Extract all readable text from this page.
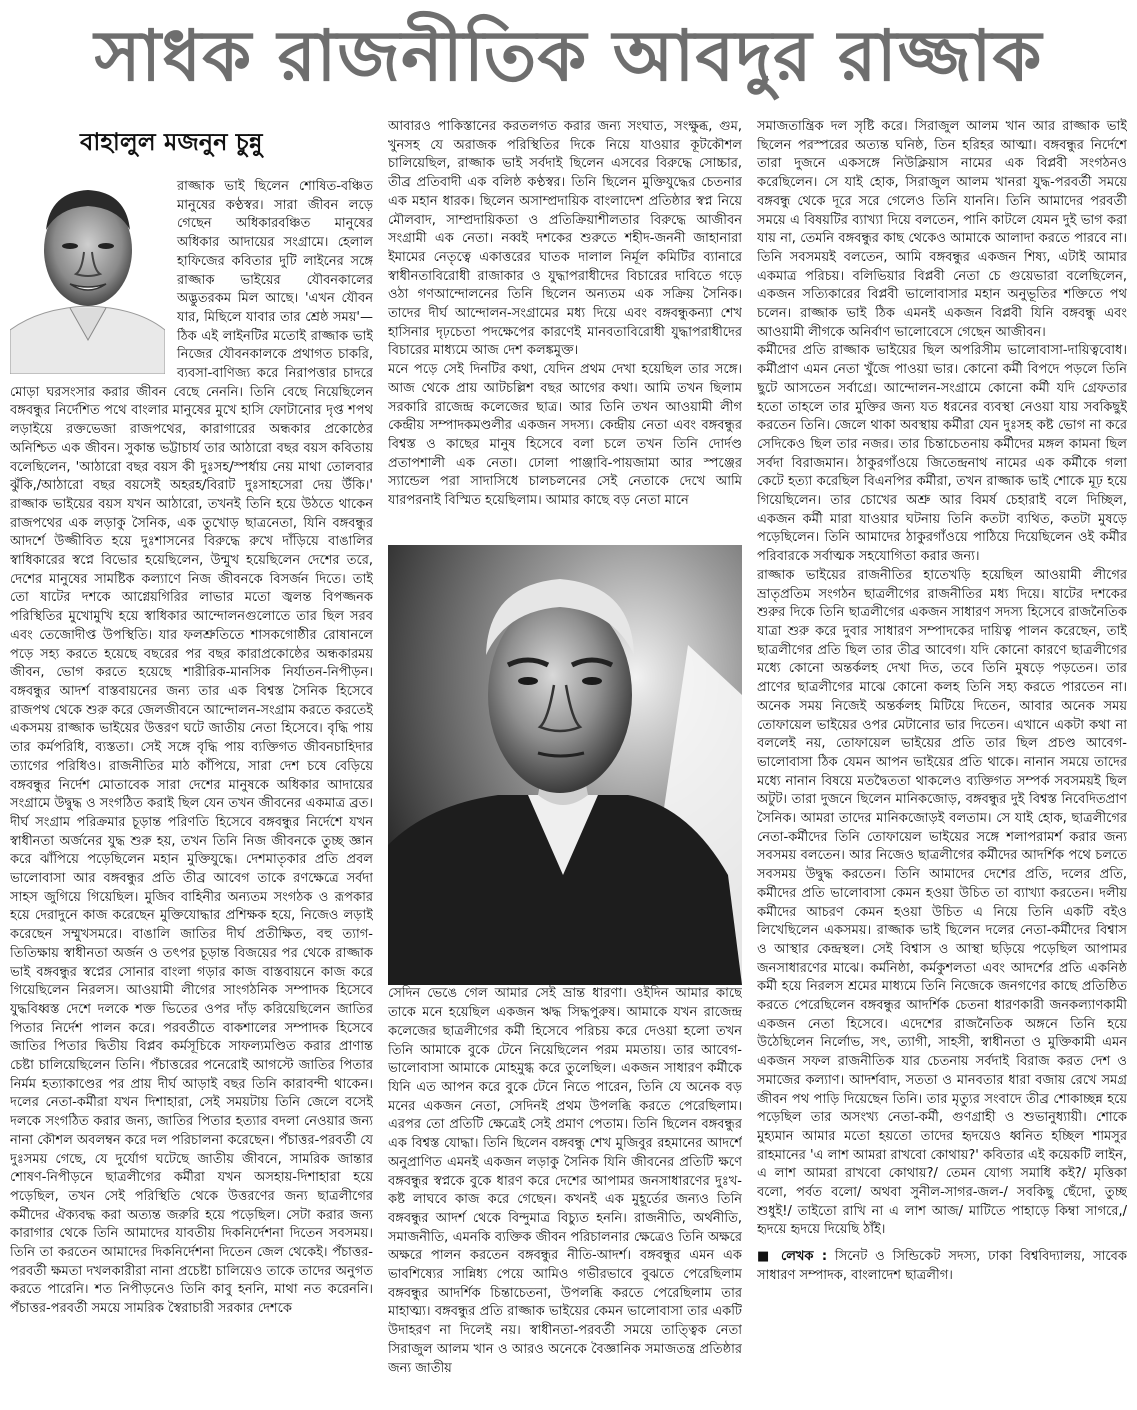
সাধক রাজনীতিক আবদুর রাজ্জাক
বাহালুল মজনুন চুন্নু

রাজ্জাক ভাই ছিলেন শোষিত-বঞ্চিত মানুষের কণ্ঠস্বর। সারা জীবন লড়ে গেছেন অধিকারবঞ্চিত মানুষের অধিকার আদায়ের সংগ্রামে। হেলাল হাফিজের কবিতার দুটি লাইনের সঙ্গে রাজ্জাক ভাইয়ের যৌবনকালের অদ্ভুতরকম মিল আছে। 'এখন যৌবন যার, মিছিলে যাবার তার শ্রেষ্ঠ সময়'— ঠিক এই লাইনটির মতোই রাজ্জাক ভাই নিজের যৌবনকালকে প্রথাগত চাকরি, ব্যবসা-বাণিজ্য করে নিরাপত্তার চাদরে মোড়া ঘরসংসার করার জীবন বেছে নেননি। তিনি বেছে নিয়েছিলেন বঙ্গবন্ধুর নির্দেশিত পথে বাংলার মানুষের মুখে হাসি ফোটানোর দৃপ্ত শপথ লড়াইয়ে রক্তভেজা রাজপথের, কারাগারের অন্ধকার প্রকোষ্ঠের অনিশ্চিত এক জীবন। সুকান্ত ভট্টাচার্য তার আঠারো বছর বয়স কবিতায় বলেছিলেন, 'আঠারো বছর বয়স কী দুঃসহ/স্পর্ধায় নেয় মাথা তোলবার ঝুঁকি,/আঠারো বছর বয়সেই অহরহ/বিরাট দুঃসাহসেরা দেয় উঁকি।' রাজ্জাক ভাইয়ের বয়স যখন আঠারো, তখনই তিনি হয়ে উঠতে থাকেন রাজপথের এক লড়াকু সৈনিক, এক তুখোড় ছাত্রনেতা, যিনি বঙ্গবন্ধুর আদর্শে উজ্জীবিত হয়ে দুঃশাসনের বিরুদ্ধে রুখে দাঁড়িয়ে বাঙালির স্বাধিকারের স্বপ্নে বিভোর হয়েছিলেন, উন্মুখ হয়েছিলেন দেশের তরে, দেশের মানুষের সামষ্টিক কল্যাণে নিজ জীবনকে বিসর্জন দিতে। তাই তো ষাটের দশকে আগ্নেয়গিরির লাভার মতো জ্বলন্ত বিপজ্জনক পরিস্থিতির মুখোমুখি হয়ে স্বাধিকার আন্দোলনগুলোতে তার ছিল সরব এবং তেজোদীপ্ত উপস্থিতি। যার ফলশ্রুতিতে শাসকগোষ্ঠীর রোষানলে পড়ে সহ্য করতে হয়েছে বছরের পর বছর কারাপ্রকোষ্ঠের অন্ধকারময় জীবন, ভোগ করতে হয়েছে শারীরিক-মানসিক নির্যাতন-নিপীড়ন। বঙ্গবন্ধুর আদর্শ বাস্তবায়নের জন্য তার এক বিশ্বস্ত সৈনিক হিসেবে রাজপথ থেকে শুরু করে জেলজীবনে আন্দোলন-সংগ্রাম করতে করতেই একসময় রাজ্জাক ভাইয়ের উত্তরণ ঘটে জাতীয় নেতা হিসেবে। বৃদ্ধি পায় তার কর্মপরিধি, ব্যস্ততা। সেই সঙ্গে বৃদ্ধি পায় ব্যক্তিগত জীবনচাহিদার ত্যাগের পরিধিও। রাজনীতির মাঠ কাঁপিয়ে, সারা দেশ চষে বেড়িয়ে বঙ্গবন্ধুর নির্দেশ মোতাবেক সারা দেশের মানুষকে অধিকার আদায়ের সংগ্রামে উদ্বুদ্ধ ও সংগঠিত করাই ছিল যেন তখন জীবনের একমাত্র ব্রত। দীর্ঘ সংগ্রাম পরিক্রমার চূড়ান্ত পরিণতি হিসেবে বঙ্গবন্ধুর নির্দেশে যখন স্বাধীনতা অর্জনের যুদ্ধ শুরু হয়, তখন তিনি নিজ জীবনকে তুচ্ছ জ্ঞান করে ঝাঁপিয়ে পড়েছিলেন মহান মুক্তিযুদ্ধে। দেশমাতৃকার প্রতি প্রবল ভালোবাসা আর বঙ্গবন্ধুর প্রতি তীব্র আবেগ তাকে রণক্ষেত্রে সর্বদা সাহস জুগিয়ে গিয়েছিল। মুজিব বাহিনীর অন্যতম সংগঠক ও রূপকার হয়ে দেরাদুনে কাজ করেছেন মুক্তিযোদ্ধার প্রশিক্ষক হয়ে, নিজেও লড়াই করেছেন সম্মুখসমরে। বাঙালি জাতির দীর্ঘ প্রতীক্ষিত, বহু ত্যাগ-তিতিক্ষায় স্বাধীনতা অর্জন ও তৎপর চূড়ান্ত বিজয়ের পর থেকে রাজ্জাক ভাই বঙ্গবন্ধুর স্বপ্নের সোনার বাংলা গড়ার কাজ বাস্তবায়নে কাজ করে গিয়েছিলেন নিরলস। আওয়ামী লীগের সাংগঠনিক সম্পাদক হিসেবে যুদ্ধবিধ্বস্ত দেশে দলকে শক্ত ভিতের ওপর দাঁড় করিয়েছিলেন জাতির পিতার নির্দেশ পালন করে। পরবর্তীতে বাকশালের সম্পাদক হিসেবে জাতির পিতার দ্বিতীয় বিপ্লব কর্মসূচিকে সাফল্যমণ্ডিত করার প্রাণান্ত চেষ্টা চালিয়েছিলেন তিনি। পঁচাত্তরের পনেরোই আগস্টে জাতির পিতার নির্মম হত্যাকাণ্ডের পর প্রায় দীর্ঘ আড়াই বছর তিনি কারাবন্দী থাকেন। দলের নেতা-কর্মীরা যখন দিশাহারা, সেই সময়টায় তিনি জেলে বসেই দলকে সংগঠিত করার জন্য, জাতির পিতার হত্যার বদলা নেওয়ার জন্য নানা কৌশল অবলম্বন করে দল পরিচালনা করেছেন। পঁচাত্তর-পরবর্তী যে দুঃসময় গেছে, যে দুর্যোগ ঘটেছে জাতীয় জীবনে, সামরিক জান্তার শোষণ-নিপীড়নে ছাত্রলীগের কর্মীরা যখন অসহায়-দিশাহারা হয়ে পড়েছিল, তখন সেই পরিস্থিতি থেকে উত্তরণের জন্য ছাত্রলীগের কর্মীদের ঐক্যবদ্ধ করা অত্যন্ত জরুরি হয়ে পড়েছিল। সেটা করার জন্য কারাগার থেকে তিনি আমাদের যাবতীয় দিকনির্দেশনা দিতেন সবসময়। তিনি তা করতেন আমাদের দিকনির্দেশনা দিতেন জেল থেকেই। পঁচাত্তর-পরবর্তী ক্ষমতা দখলকারীরা নানা প্রচেষ্টা চালিয়েও তাকে তাদের অনুগত করতে পারেনি। শত নিপীড়নেও তিনি কাবু হননি, মাথা নত করেননি। পঁচাত্তর-পরবর্তী সময়ে সামরিক স্বৈরাচারী সরকার দেশকে

আবারও পাকিস্তানের করতলগত করার জন্য সংঘাত, সংক্ষুব্ধ, গুম, খুনসহ যে অরাজক পরিস্থিতির দিকে নিয়ে যাওয়ার কূটকৌশল চালিয়েছিল, রাজ্জাক ভাই সর্বদাই ছিলেন এসবের বিরুদ্ধে সোচ্চার, তীব্র প্রতিবাদী এক বলিষ্ঠ কণ্ঠস্বর। তিনি ছিলেন মুক্তিযুদ্ধের চেতনার এক মহান ধারক। ছিলেন অসাম্প্রদায়িক বাংলাদেশ প্রতিষ্ঠার স্বপ্ন নিয়ে মৌলবাদ, সাম্প্রদায়িকতা ও প্রতিক্রিয়াশীলতার বিরুদ্ধে আজীবন সংগ্রামী এক নেতা। নব্বই দশকের শুরুতে শহীদ-জননী জাহানারা ইমামের নেতৃত্বে একাত্তরের ঘাতক দালাল নির্মূল কমিটির ব্যানারে স্বাধীনতাবিরোধী রাজাকার ও যুদ্ধাপরাধীদের বিচারের দাবিতে গড়ে ওঠা গণআন্দোলনের তিনি ছিলেন অন্যতম এক সক্রিয় সৈনিক। তাদের দীর্ঘ আন্দোলন-সংগ্রামের মধ্য দিয়ে এবং বঙ্গবন্ধুকন্যা শেখ হাসিনার দৃঢ়চেতা পদক্ষেপের কারণেই মানবতাবিরোধী যুদ্ধাপরাধীদের বিচারের মাধ্যমে আজ দেশ কলঙ্কমুক্ত।

মনে পড়ে সেই দিনটির কথা, যেদিন প্রথম দেখা হয়েছিল তার সঙ্গে। আজ থেকে প্রায় আটচল্লিশ বছর আগের কথা। আমি তখন ছিলাম সরকারি রাজেন্দ্র কলেজের ছাত্র। আর তিনি তখন আওয়ামী লীগ কেন্দ্রীয় সম্পাদকমণ্ডলীর একজন সদস্য। কেন্দ্রীয় নেতা এবং বঙ্গবন্ধুর বিশ্বস্ত ও কাছের মানুষ হিসেবে বলা চলে তখন তিনি দোর্দণ্ড প্রতাপশালী এক নেতা। ঢোলা পাঞ্জাবি-পায়জামা আর স্পঞ্জের স্যান্ডেল পরা সাদাসিধে চালচলনের সেই নেতাকে দেখে আমি যারপরনাই বিস্মিত হয়েছিলাম। আমার কাছে বড় নেতা মানে

সেদিন ভেঙে গেল আমার সেই ভ্রান্ত ধারণা। ওইদিন আমার কাছে তাকে মনে হয়েছিল একজন ঋদ্ধ সিদ্ধপুরুষ। আমাকে যখন রাজেন্দ্র কলেজের ছাত্রলীগের কর্মী হিসেবে পরিচয় করে দেওয়া হলো তখন তিনি আমাকে বুকে টেনে নিয়েছিলেন পরম মমতায়। তার আবেগ-ভালোবাসা আমাকে মোহমুগ্ধ করে তুলেছিল। একজন সাধারণ কর্মীকে যিনি এত আপন করে বুকে টেনে নিতে পারেন, তিনি যে অনেক বড় মনের একজন নেতা, সেদিনই প্রথম উপলব্ধি করতে পেরেছিলাম। এরপর তো প্রতিটি ক্ষেত্রেই সেই প্রমাণ পেতাম। তিনি ছিলেন বঙ্গবন্ধুর এক বিশ্বস্ত যোদ্ধা। তিনি ছিলেন বঙ্গবন্ধু শেখ মুজিবুর রহমানের আদর্শে অনুপ্রাণিত এমনই একজন লড়াকু সৈনিক যিনি জীবনের প্রতিটি ক্ষণে বঙ্গবন্ধুর স্বপ্নকে বুকে ধারণ করে দেশের আপামর জনসাধারণের দুঃখ-কষ্ট লাঘবে কাজ করে গেছেন। কখনই এক মুহূর্তের জন্যও তিনি বঙ্গবন্ধুর আদর্শ থেকে বিন্দুমাত্র বিচ্যুত হননি। রাজনীতি, অর্থনীতি, সমাজনীতি, এমনকি ব্যক্তিক জীবন পরিচালনার ক্ষেত্রেও তিনি অক্ষরে অক্ষরে পালন করতেন বঙ্গবন্ধুর নীতি-আদর্শ। বঙ্গবন্ধুর এমন এক ভাবশিষ্যের সান্নিধ্য পেয়ে আমিও গভীরভাবে বুঝতে পেরেছিলাম বঙ্গবন্ধুর আদর্শিক চিন্তাচেতনা, উপলব্ধি করতে পেরেছিলাম তার মাহাত্ম্য। বঙ্গবন্ধুর প্রতি রাজ্জাক ভাইয়ের কেমন ভালোবাসা তার একটি উদাহরণ না দিলেই নয়। স্বাধীনতা-পরবর্তী সময়ে তাত্ত্বিক নেতা সিরাজুল আলম খান ও আরও অনেকে বৈজ্ঞানিক সমাজতন্ত্র প্রতিষ্ঠার জন্য জাতীয়

সমাজতান্ত্রিক দল সৃষ্টি করে। সিরাজুল আলম খান আর রাজ্জাক ভাই ছিলেন পরস্পরের অত্যন্ত ঘনিষ্ঠ, তিন হরিহর আত্মা। বঙ্গবন্ধুর নির্দেশে তারা দুজনে একসঙ্গে নিউক্লিয়াস নামের এক বিপ্লবী সংগঠনও করেছিলেন। সে যাই হোক, সিরাজুল আলম খানরা যুদ্ধ-পরবর্তী সময়ে বঙ্গবন্ধু থেকে দূরে সরে গেলেও তিনি যাননি। তিনি আমাদের পরবর্তী সময়ে এ বিষয়টির ব্যাখ্যা দিয়ে বলতেন, পানি কাটলে যেমন দুই ভাগ করা যায় না, তেমনি বঙ্গবন্ধুর কাছ থেকেও আমাকে আলাদা করতে পারবে না। তিনি সবসময়ই বলতেন, আমি বঙ্গবন্ধুর একজন শিষ্য, এটাই আমার একমাত্র পরিচয়। বলিভিয়ার বিপ্লবী নেতা চে গুয়েভারা বলেছিলেন, একজন সত্যিকারের বিপ্লবী ভালোবাসার মহান অনুভূতির শক্তিতে পথ চলেন। রাজ্জাক ভাই ঠিক এমনই একজন বিপ্লবী যিনি বঙ্গবন্ধু এবং আওয়ামী লীগকে অনির্বাণ ভালোবেসে গেছেন আজীবন।

কর্মীদের প্রতি রাজ্জাক ভাইয়ের ছিল অপরিসীম ভালোবাসা-দায়িত্ববোধ। কর্মীপ্রাণ এমন নেতা খুঁজে পাওয়া ভার। কোনো কর্মী বিপদে পড়লে তিনি ছুটে আসতেন সর্বাগ্রে। আন্দোলন-সংগ্রামে কোনো কর্মী যদি গ্রেফতার হতো তাহলে তার মুক্তির জন্য যত ধরনের ব্যবস্থা নেওয়া যায় সবকিছুই করতেন তিনি। জেলে থাকা অবস্থায় কর্মীরা যেন দুঃসহ কষ্ট ভোগ না করে সেদিকেও ছিল তার নজর। তার চিন্তাচেতনায় কর্মীদের মঙ্গল কামনা ছিল সর্বদা বিরাজমান। ঠাকুরগাঁওয়ে জিতেন্দ্রনাথ নামের এক কর্মীকে গলা কেটে হত্যা করেছিল বিএনপির কর্মীরা, তখন রাজ্জাক ভাই শোকে মূঢ় হয়ে গিয়েছিলেন। তার চোখের অশ্রু আর বিমর্ষ চেহারাই বলে দিচ্ছিল, একজন কর্মী মারা যাওয়ার ঘটনায় তিনি কতটা ব্যথিত, কতটা মুষড়ে পড়েছিলেন। তিনি আমাদের ঠাকুরগাঁওয়ে পাঠিয়ে দিয়েছিলেন ওই কর্মীর পরিবারকে সর্বাত্মক সহযোগিতা করার জন্য।

রাজ্জাক ভাইয়ের রাজনীতির হাতেখড়ি হয়েছিল আওয়ামী লীগের ভ্রাতৃপ্রতিম সংগঠন ছাত্রলীগের রাজনীতির মধ্য দিয়ে। ষাটের দশকের শুরুর দিকে তিনি ছাত্রলীগের একজন সাধারণ সদস্য হিসেবে রাজনৈতিক যাত্রা শুরু করে দুবার সাধারণ সম্পাদকের দায়িত্ব পালন করেছেন, তাই ছাত্রলীগের প্রতি ছিল তার তীব্র আবেগ। যদি কোনো কারণে ছাত্রলীগের মধ্যে কোনো অন্তর্কলহ দেখা দিত, তবে তিনি মুষড়ে পড়তেন। তার প্রাণের ছাত্রলীগের মাঝে কোনো কলহ তিনি সহ্য করতে পারতেন না। অনেক সময় নিজেই অন্তর্কলহ মিটিয়ে দিতেন, আবার অনেক সময় তোফায়েল ভাইয়ের ওপর মেটানোর ভার দিতেন। এখানে একটা কথা না বললেই নয়, তোফায়েল ভাইয়ের প্রতি তার ছিল প্রচণ্ড আবেগ-ভালোবাসা ঠিক যেমন আপন ভাইয়ের প্রতি থাকে। নানান সময়ে তাদের মধ্যে নানান বিষয়ে মতদ্বৈততা থাকলেও ব্যক্তিগত সম্পর্ক সবসময়ই ছিল অটুট। তারা দুজনে ছিলেন মানিকজোড়, বঙ্গবন্ধুর দুই বিশ্বস্ত নিবেদিতপ্রাণ সৈনিক। আমরা তাদের মানিকজোড়ই বলতাম। সে যাই হোক, ছাত্রলীগের নেতা-কর্মীদের তিনি তোফায়েল ভাইয়ের সঙ্গে শলাপরামর্শ করার জন্য সবসময় বলতেন। আর নিজেও ছাত্রলীগের কর্মীদের আদর্শিক পথে চলতে সবসময় উদ্বুদ্ধ করতেন। তিনি আমাদের দেশের প্রতি, দলের প্রতি, কর্মীদের প্রতি ভালোবাসা কেমন হওয়া উচিত তা ব্যাখ্যা করতেন। দলীয় কর্মীদের আচরণ কেমন হওয়া উচিত এ নিয়ে তিনি একটি বইও লিখেছিলেন একসময়। রাজ্জাক ভাই ছিলেন দলের নেতা-কর্মীদের বিশ্বাস ও আস্থার কেন্দ্রস্থল। সেই বিশ্বাস ও আস্থা ছড়িয়ে পড়েছিল আপামর জনসাধারণের মাঝে। কর্মনিষ্ঠা, কর্মকুশলতা এবং আদর্শের প্রতি একনিষ্ঠ কর্মী হয়ে নিরলস শ্রমের মাধ্যমে তিনি নিজেকে জনগণের কাছে প্রতিষ্ঠিত করতে পেরেছিলেন বঙ্গবন্ধুর আদর্শিক চেতনা ধারণকারী জনকল্যাণকামী একজন নেতা হিসেবে। এদেশের রাজনৈতিক অঙ্গনে তিনি হয়ে উঠেছিলেন নির্লোভ, সৎ, ত্যাগী, সাহসী, স্বাধীনতা ও মুক্তিকামী এমন একজন সফল রাজনীতিক যার চেতনায় সর্বদাই বিরাজ করত দেশ ও সমাজের কল্যাণ। আদর্শবাদ, সততা ও মানবতার ধারা বজায় রেখে সমগ্র জীবন পথ পাড়ি দিয়েছেন তিনি। তার মৃত্যুর সংবাদে তীব্র শোকাচ্ছন্ন হয়ে পড়েছিল তার অসংখ্য নেতা-কর্মী, গুণগ্রাহী ও শুভানুধ্যায়ী। শোকে মুহ্যমান আমার মতো হয়তো তাদের হৃদয়েও ধ্বনিত হচ্ছিল শামসুর রাহমানের 'এ লাশ আমরা রাখবো কোথায়?' কবিতার এই কয়েকটি লাইন, এ লাশ আমরা রাখবো কোথায়?/ তেমন যোগ্য সমাধি কই?/ মৃত্তিকা বলো, পর্বত বলো/ অথবা সুনীল-সাগর-জল-/ সবকিছু ছেঁদো, তুচ্ছ শুধুই!/ তাইতো রাখি না এ লাশ আজ/ মাটিতে পাহাড়ে কিম্বা সাগরে,/ হৃদয়ে হৃদয়ে দিয়েছি ঠাঁই।

■ লেখক : সিনেট ও সিন্ডিকেট সদস্য, ঢাকা বিশ্ববিদ্যালয়, সাবেক সাধারণ সম্পাদক, বাংলাদেশ ছাত্রলীগ।
